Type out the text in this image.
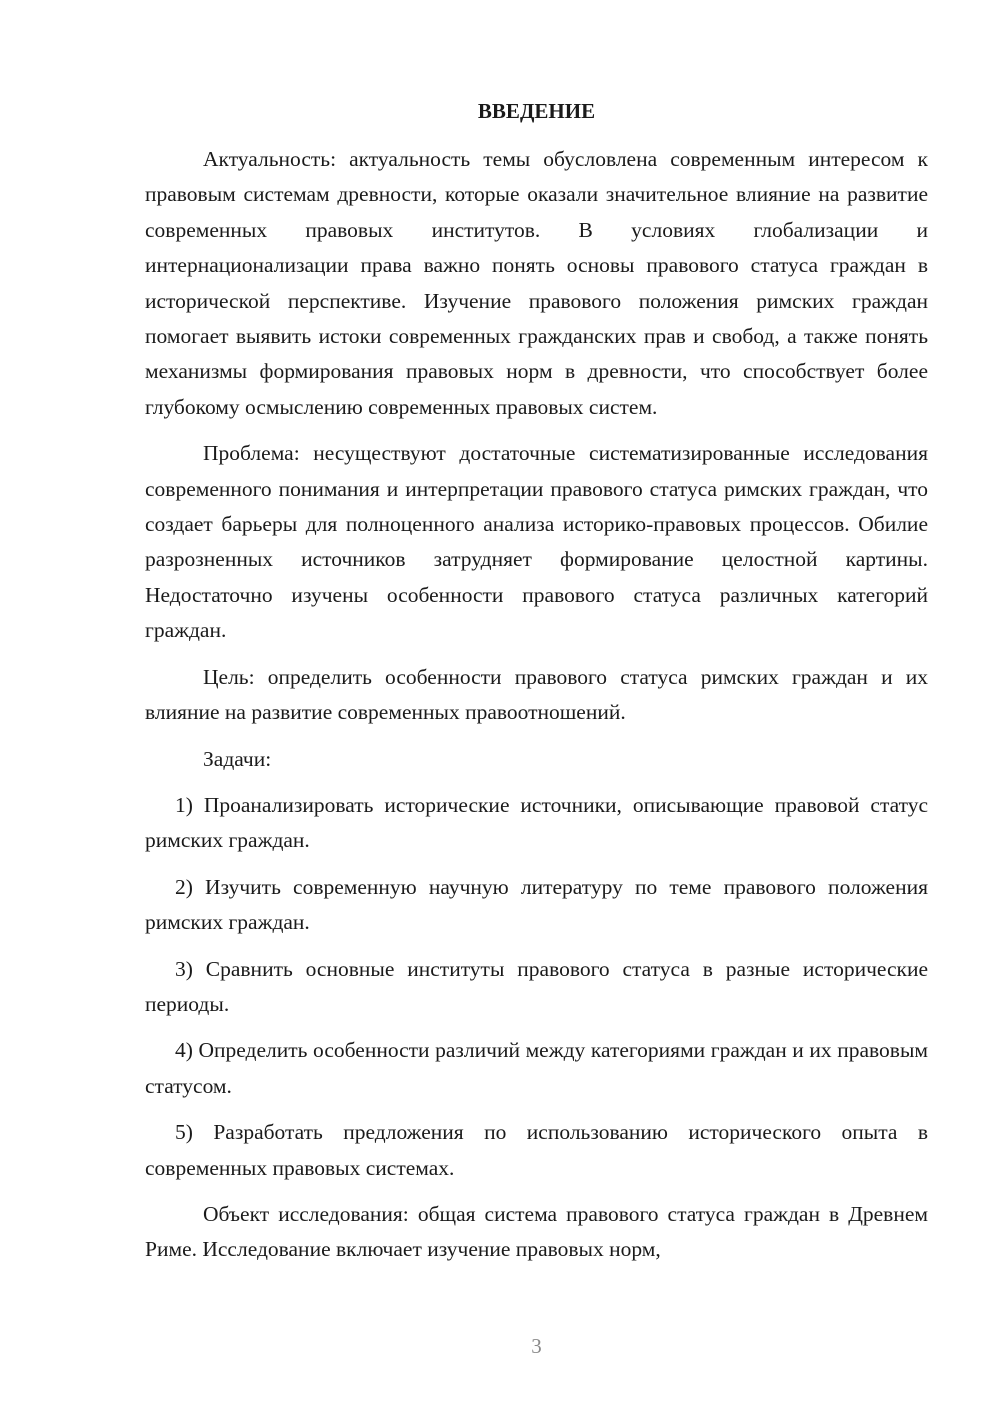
ВВЕДЕНИЕ

Актуальность: актуальность темы обусловлена современным интересом к правовым системам древности, которые оказали значительное влияние на развитие современных правовых институтов. В условиях глобализации и интернационализации права важно понять основы правового статуса граждан в исторической перспективе. Изучение правового положения римских граждан помогает выявить истоки современных гражданских прав и свобод, а также понять механизмы формирования правовых норм в древности, что способствует более глубокому осмыслению современных правовых систем.

Проблема: несуществуют достаточные систематизированные исследования современного понимания и интерпретации правового статуса римских граждан, что создает барьеры для полноценного анализа историко-правовых процессов. Обилие разрозненных источников затрудняет формирование целостной картины. Недостаточно изучены особенности правового статуса различных категорий граждан.

Цель: определить особенности правового статуса римских граждан и их влияние на развитие современных правоотношений.

Задачи:

1) Проанализировать исторические источники, описывающие правовой статус римских граждан.

2) Изучить современную научную литературу по теме правового положения римских граждан.

3) Сравнить основные институты правового статуса в разные исторические периоды.

4) Определить особенности различий между категориями граждан и их правовым статусом.

5) Разработать предложения по использованию исторического опыта в современных правовых системах.

Объект исследования: общая система правового статуса граждан в Древнем Риме. Исследование включает изучение правовых норм,

3
